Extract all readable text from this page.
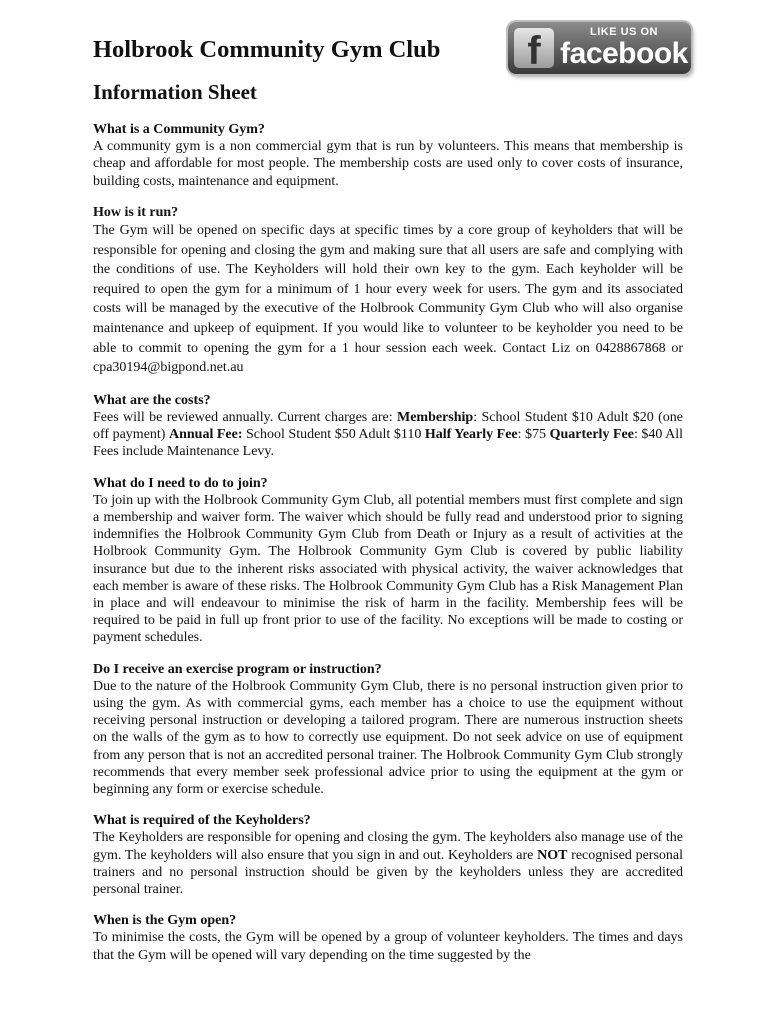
Holbrook Community Gym Club
Information Sheet
f	LIKE US ON
facebook

What is a Community Gym?

A community gym is a non commercial gym that is run by volunteers. This means that membership is cheap and affordable for most people. The membership costs are used only to cover costs of insurance, building costs, maintenance and equipment.

How is it run?

The Gym will be opened on specific days at specific times by a core group of keyholders that will be responsible for opening and closing the gym and making sure that all users are safe and complying with the conditions of use. The Keyholders will hold their own key to the gym. Each keyholder will be required to open the gym for a minimum of 1 hour every week for users. The gym and its associated costs will be managed by the executive of the Holbrook Community Gym Club who will also organise maintenance and upkeep of equipment. If you would like to volunteer to be keyholder you need to be able to commit to opening the gym for a 1 hour session each week. Contact Liz on 0428867868 or cpa30194@bigpond.net.au

What are the costs?

Fees will be reviewed annually. Current charges are: Membership: School Student $10 Adult $20 (one off payment) Annual Fee: School Student $50 Adult $110 Half Yearly Fee: $75 Quarterly Fee: $40 All Fees include Maintenance Levy.

What do I need to do to join?

To join up with the Holbrook Community Gym Club, all potential members must first complete and sign a membership and waiver form. The waiver which should be fully read and understood prior to signing indemnifies the Holbrook Community Gym Club from Death or Injury as a result of activities at the Holbrook Community Gym. The Holbrook Community Gym Club is covered by public liability insurance but due to the inherent risks associated with physical activity, the waiver acknowledges that each member is aware of these risks. The Holbrook Community Gym Club has a Risk Management Plan in place and will endeavour to minimise the risk of harm in the facility. Membership fees will be required to be paid in full up front prior to use of the facility. No exceptions will be made to costing or payment schedules.

Do I receive an exercise program or instruction?

Due to the nature of the Holbrook Community Gym Club, there is no personal instruction given prior to using the gym. As with commercial gyms, each member has a choice to use the equipment without receiving personal instruction or developing a tailored program. There are numerous instruction sheets on the walls of the gym as to how to correctly use equipment. Do not seek advice on use of equipment from any person that is not an accredited personal trainer. The Holbrook Community Gym Club strongly recommends that every member seek professional advice prior to using the equipment at the gym or beginning any form or exercise schedule.

What is required of the Keyholders?

The Keyholders are responsible for opening and closing the gym. The keyholders also manage use of the gym. The keyholders will also ensure that you sign in and out. Keyholders are NOT recognised personal trainers and no personal instruction should be given by the keyholders unless they are accredited personal trainer.

When is the Gym open?

To minimise the costs, the Gym will be opened by a group of volunteer keyholders. The times and days that the Gym will be opened will vary depending on the time suggested by the
